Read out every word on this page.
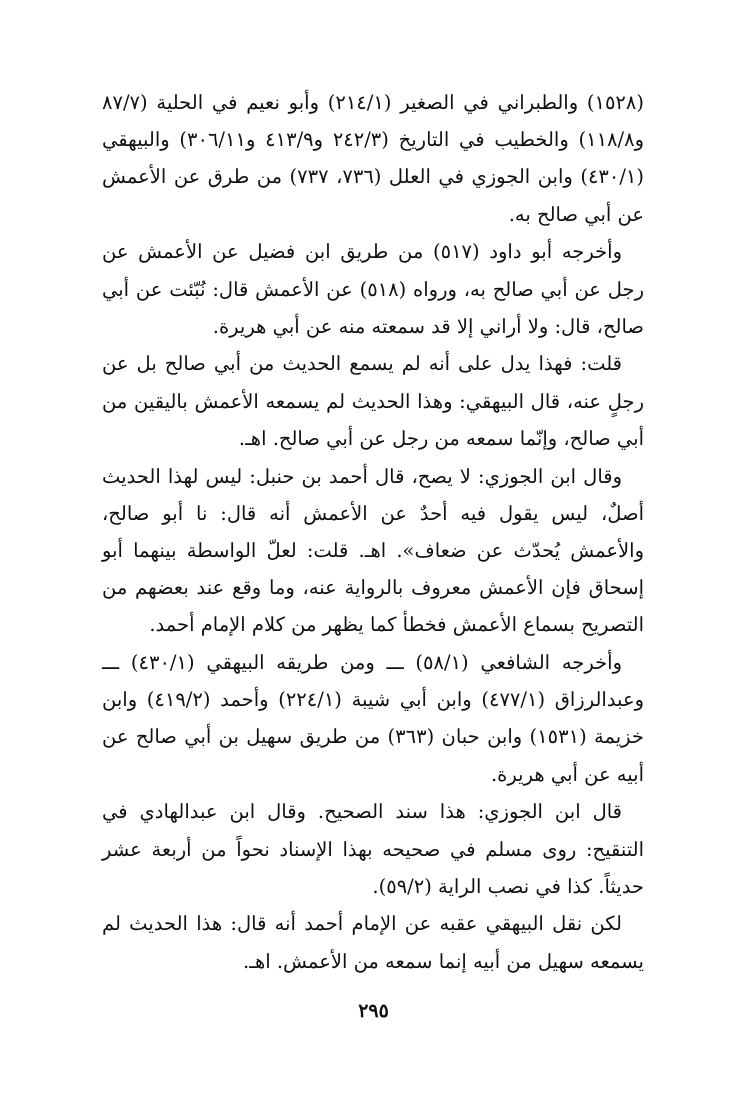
(١٥٢٨) والطبراني في الصغير (٢١٤/١) وأبو نعيم في الحلية (٨٧/٧ و١١٨/٨) والخطيب في التاريخ (٢٤٢/٣ و٤١٣/٩ و٣٠٦/١١) والبيهقي (٤٣٠/١) وابن الجوزي في العلل (٧٣٦، ٧٣٧) من طرق عن الأعمش عن أبي صالح به.

وأخرجه أبو داود (٥١٧) من طريق ابن فضيل عن الأعمش عن رجل عن أبي صالح به، ورواه (٥١٨) عن الأعمش قال: نُبّئت عن أبي صالح، قال: ولا أراني إلا قد سمعته منه عن أبي هريرة.

قلت: فهذا يدل على أنه لم يسمع الحديث من أبي صالح بل عن رجلٍ عنه، قال البيهقي: وهذا الحديث لم يسمعه الأعمش باليقين من أبي صالح، وإنّما سمعه من رجل عن أبي صالح. اهـ.

وقال ابن الجوزي: لا يصح، قال أحمد بن حنبل: ليس لهذا الحديث أصلٌ، ليس يقول فيه أحدٌ عن الأعمش أنه قال: نا أبو صالح، والأعمش يُحدّث عن ضعاف». اهـ. قلت: لعلّ الواسطة بينهما أبو إسحاق فإن الأعمش معروف بالرواية عنه، وما وقع عند بعضهم من التصريح بسماع الأعمش فخطأ كما يظهر من كلام الإمام أحمد.

وأخرجه الشافعي (٥٨/١) ـــ ومن طريقه البيهقي (٤٣٠/١) ـــ وعبدالرزاق (٤٧٧/١) وابن أبي شيبة (٢٢٤/١) وأحمد (٤١٩/٢) وابن خزيمة (١٥٣١) وابن حبان (٣٦٣) من طريق سهيل بن أبي صالح عن أبيه عن أبي هريرة.

قال ابن الجوزي: هذا سند الصحيح. وقال ابن عبدالهادي في التنقيح: روى مسلم في صحيحه بهذا الإسناد نحواً من أربعة عشر حديثاً. كذا في نصب الراية (٥٩/٢).

لكن نقل البيهقي عقبه عن الإمام أحمد أنه قال: هذا الحديث لم يسمعه سهيل من أبيه إنما سمعه من الأعمش. اهـ.

٢٩٥
